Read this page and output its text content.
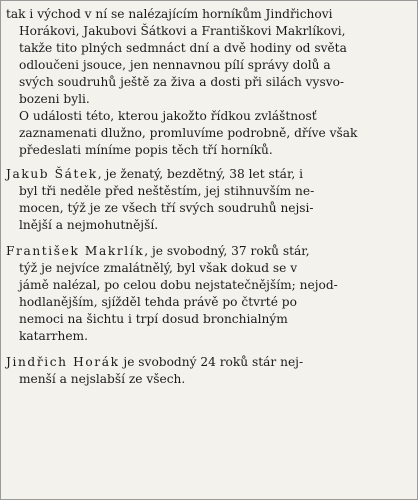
tak i východ v ní se nalézajícím horníkům Jindřichovi
Horákovi, Jakubovi Šátkovi a Františkovi Makrlíkovi,
takže tito plných sedmnáct dní a dvě hodiny od světa
odloučeni jsouce, jen nennavnou pílí správy dolů a
svých soudruhů ještě za živa a dosti při silách vysvo-
bozeni byli.

O události této, kterou jakožto řídkou zvláštnosť
zaznamenati dlužno, promluvíme podrobně, dříve však
předeslati míníme popis těch tří horníků.

Jakub Šátek, je ženatý, bezdětný, 38 let stár, i
byl tři neděle před neštěstím, jej stihnuvším ne-
mocen, týž je ze všech tří svých soudruhů nejsi-
lnější a nejmohutnější.

František Makrlík, je svobodný, 37 roků stár,
týž je nejvíce zmalátnělý, byl však dokud se v
jámě nalézal, po celou dobu nejstatečnějším; nejod-
hodlanějším, sjížděl tehda právě po čtvrté po
nemoci na šichtu i trpí dosud bronchialným
katarrhem.

Jindřich Horák je svobodný 24 roků stár nej-
menší a nejslabší ze všech.
